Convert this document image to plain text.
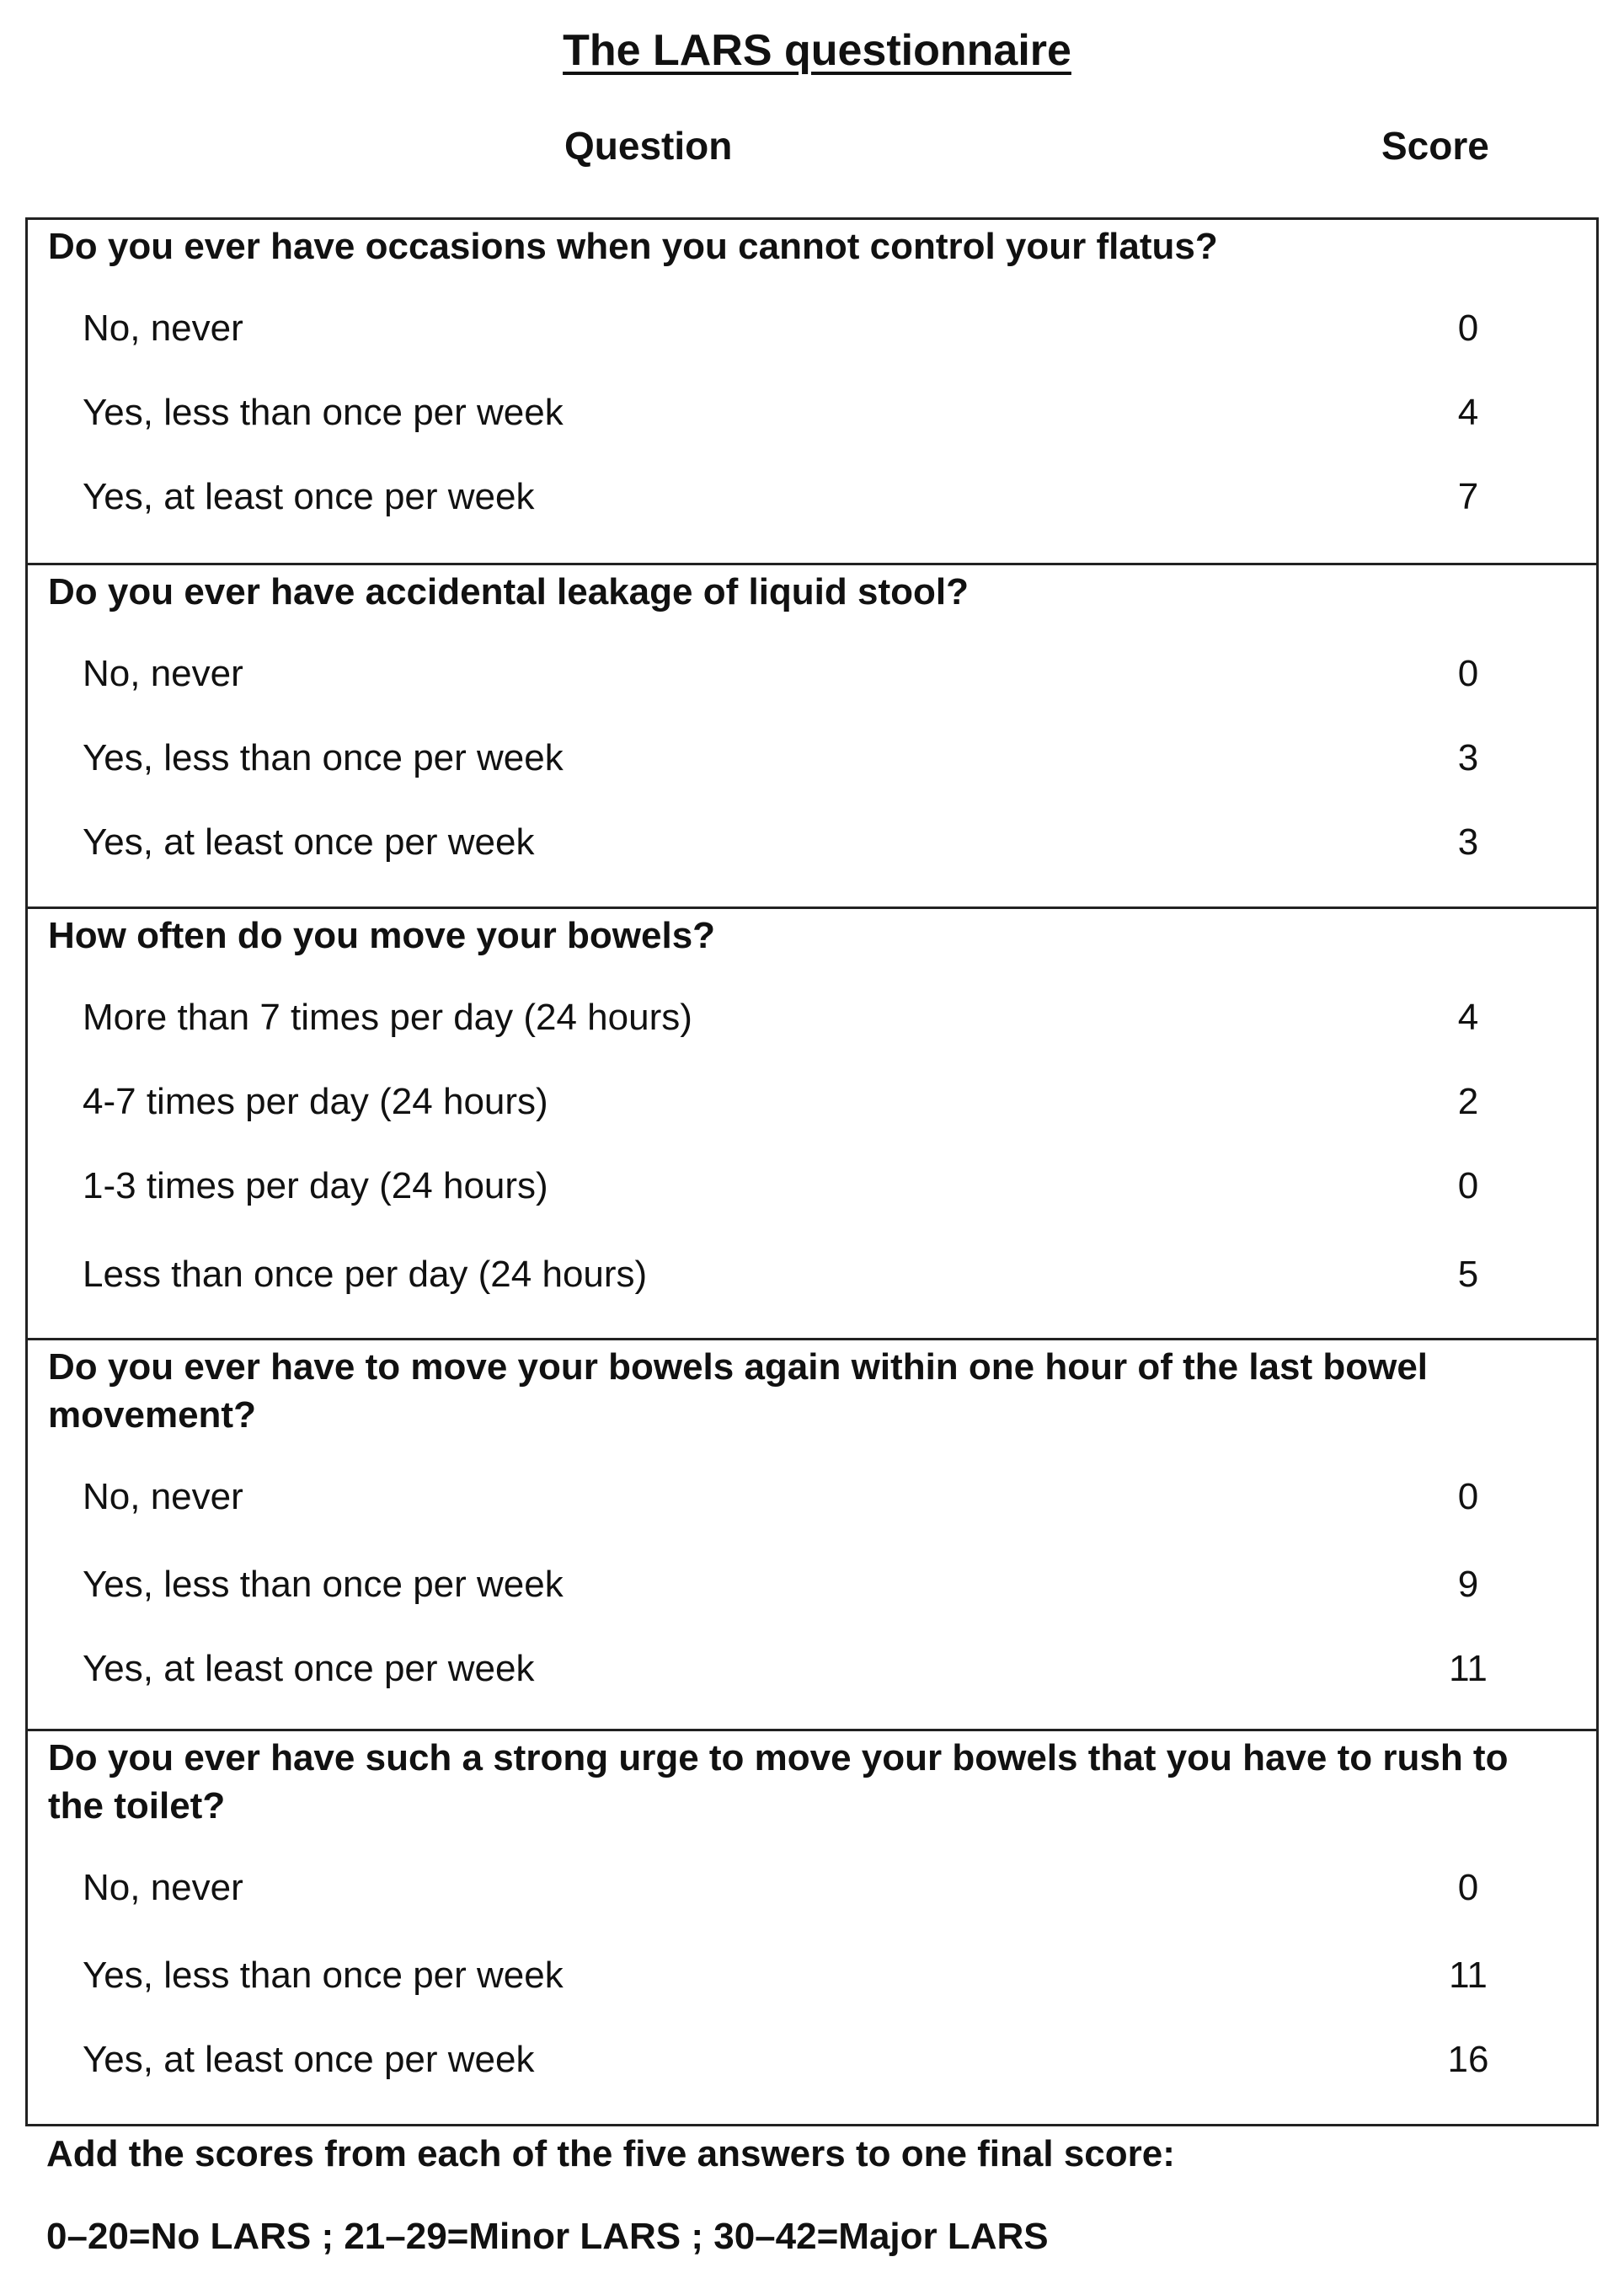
The LARS questionnaire
Question	Score
Do you ever have occasions when you cannot control your flatus?
No, never	0
Yes, less than once per week	4
Yes, at least once per week	7
Do you ever have accidental leakage of liquid stool?
No, never	0
Yes, less than once per week	3
Yes, at least once per week	3
How often do you move your bowels?
More than 7 times per day (24 hours)	4
4-7 times per day (24 hours)	2
1-3 times per day (24 hours)	0
Less than once per day (24 hours)	5
Do you ever have to move your bowels again within one hour of the last bowel movement?
No, never	0
Yes, less than once per week	9
Yes, at least once per week	11
Do you ever have such a strong urge to move your bowels that you have to rush to the toilet?
No, never	0
Yes, less than once per week	11
Yes, at least once per week	16
Add the scores from each of the five answers to one final score:
0–20=No LARS ; 21–29=Minor LARS ; 30–42=Major LARS
